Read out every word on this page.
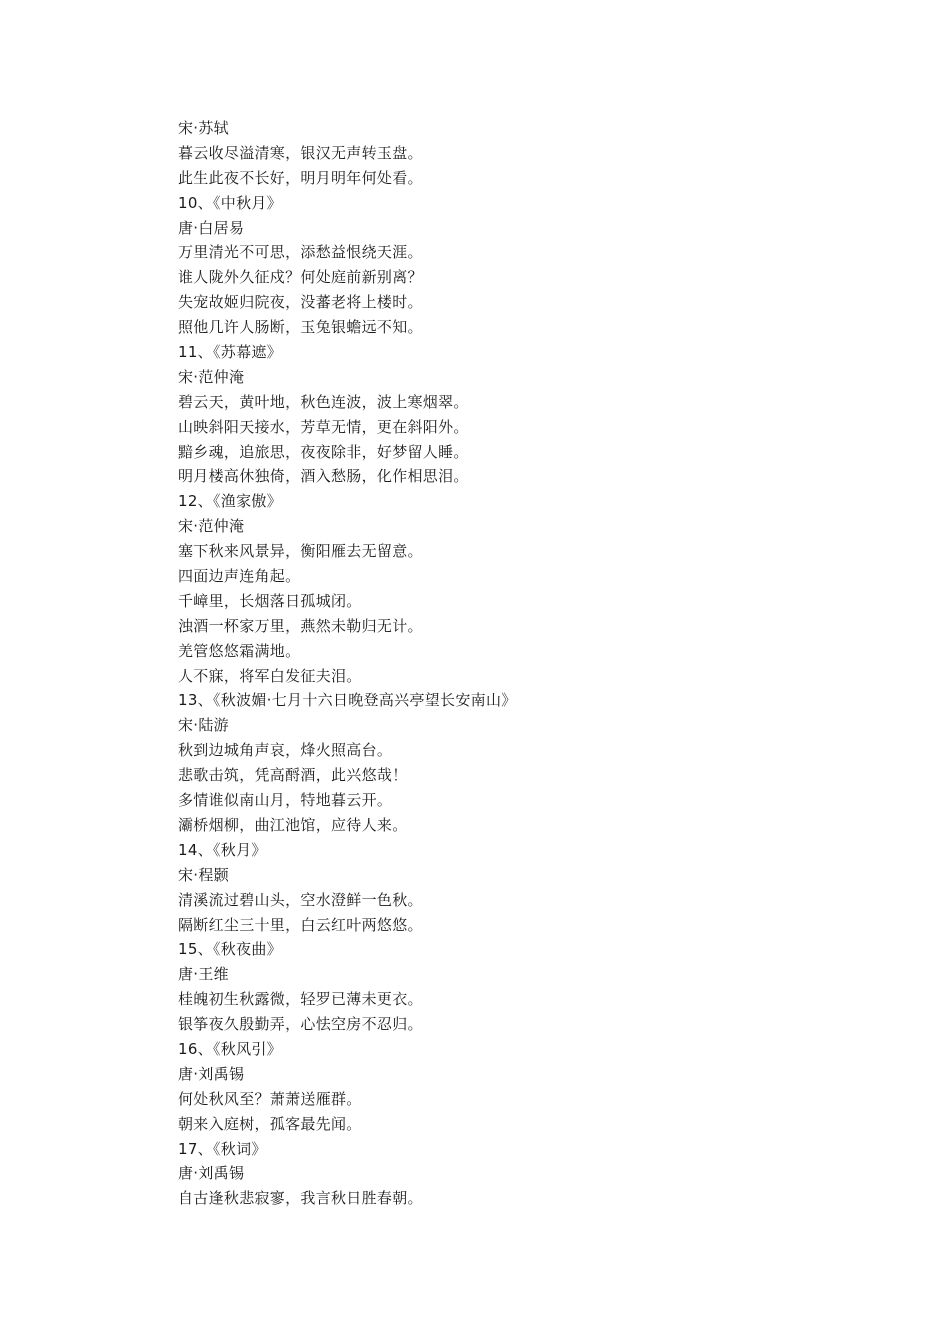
宋·苏轼
暮云收尽溢清寒，银汉无声转玉盘。
此生此夜不长好，明月明年何处看。
10、《中秋月》
唐·白居易
万里清光不可思，添愁益恨绕天涯。
谁人陇外久征戍？何处庭前新别离？
失宠故姬归院夜，没蕃老将上楼时。
照他几许人肠断，玉兔银蟾远不知。
11、《苏幕遮》
宋·范仲淹
碧云天，黄叶地，秋色连波，波上寒烟翠。
山映斜阳天接水，芳草无情，更在斜阳外。
黯乡魂，追旅思，夜夜除非，好梦留人睡。
明月楼高休独倚，酒入愁肠，化作相思泪。
12、《渔家傲》
宋·范仲淹
塞下秋来风景异，衡阳雁去无留意。
四面边声连角起。
千嶂里，长烟落日孤城闭。
浊酒一杯家万里，燕然未勒归无计。
羌管悠悠霜满地。
人不寐，将军白发征夫泪。
13、《秋波媚·七月十六日晚登高兴亭望长安南山》
宋·陆游
秋到边城角声哀，烽火照高台。
悲歌击筑，凭高酹酒，此兴悠哉！
多情谁似南山月，特地暮云开。
灞桥烟柳，曲江池馆，应待人来。
14、《秋月》
宋·程颢
清溪流过碧山头，空水澄鲜一色秋。
隔断红尘三十里，白云红叶两悠悠。
15、《秋夜曲》
唐·王维
桂魄初生秋露微，轻罗已薄未更衣。
银筝夜久殷勤弄，心怯空房不忍归。
16、《秋风引》
唐·刘禹锡
何处秋风至？萧萧送雁群。
朝来入庭树，孤客最先闻。
17、《秋词》
唐·刘禹锡
自古逢秋悲寂寥，我言秋日胜春朝。
